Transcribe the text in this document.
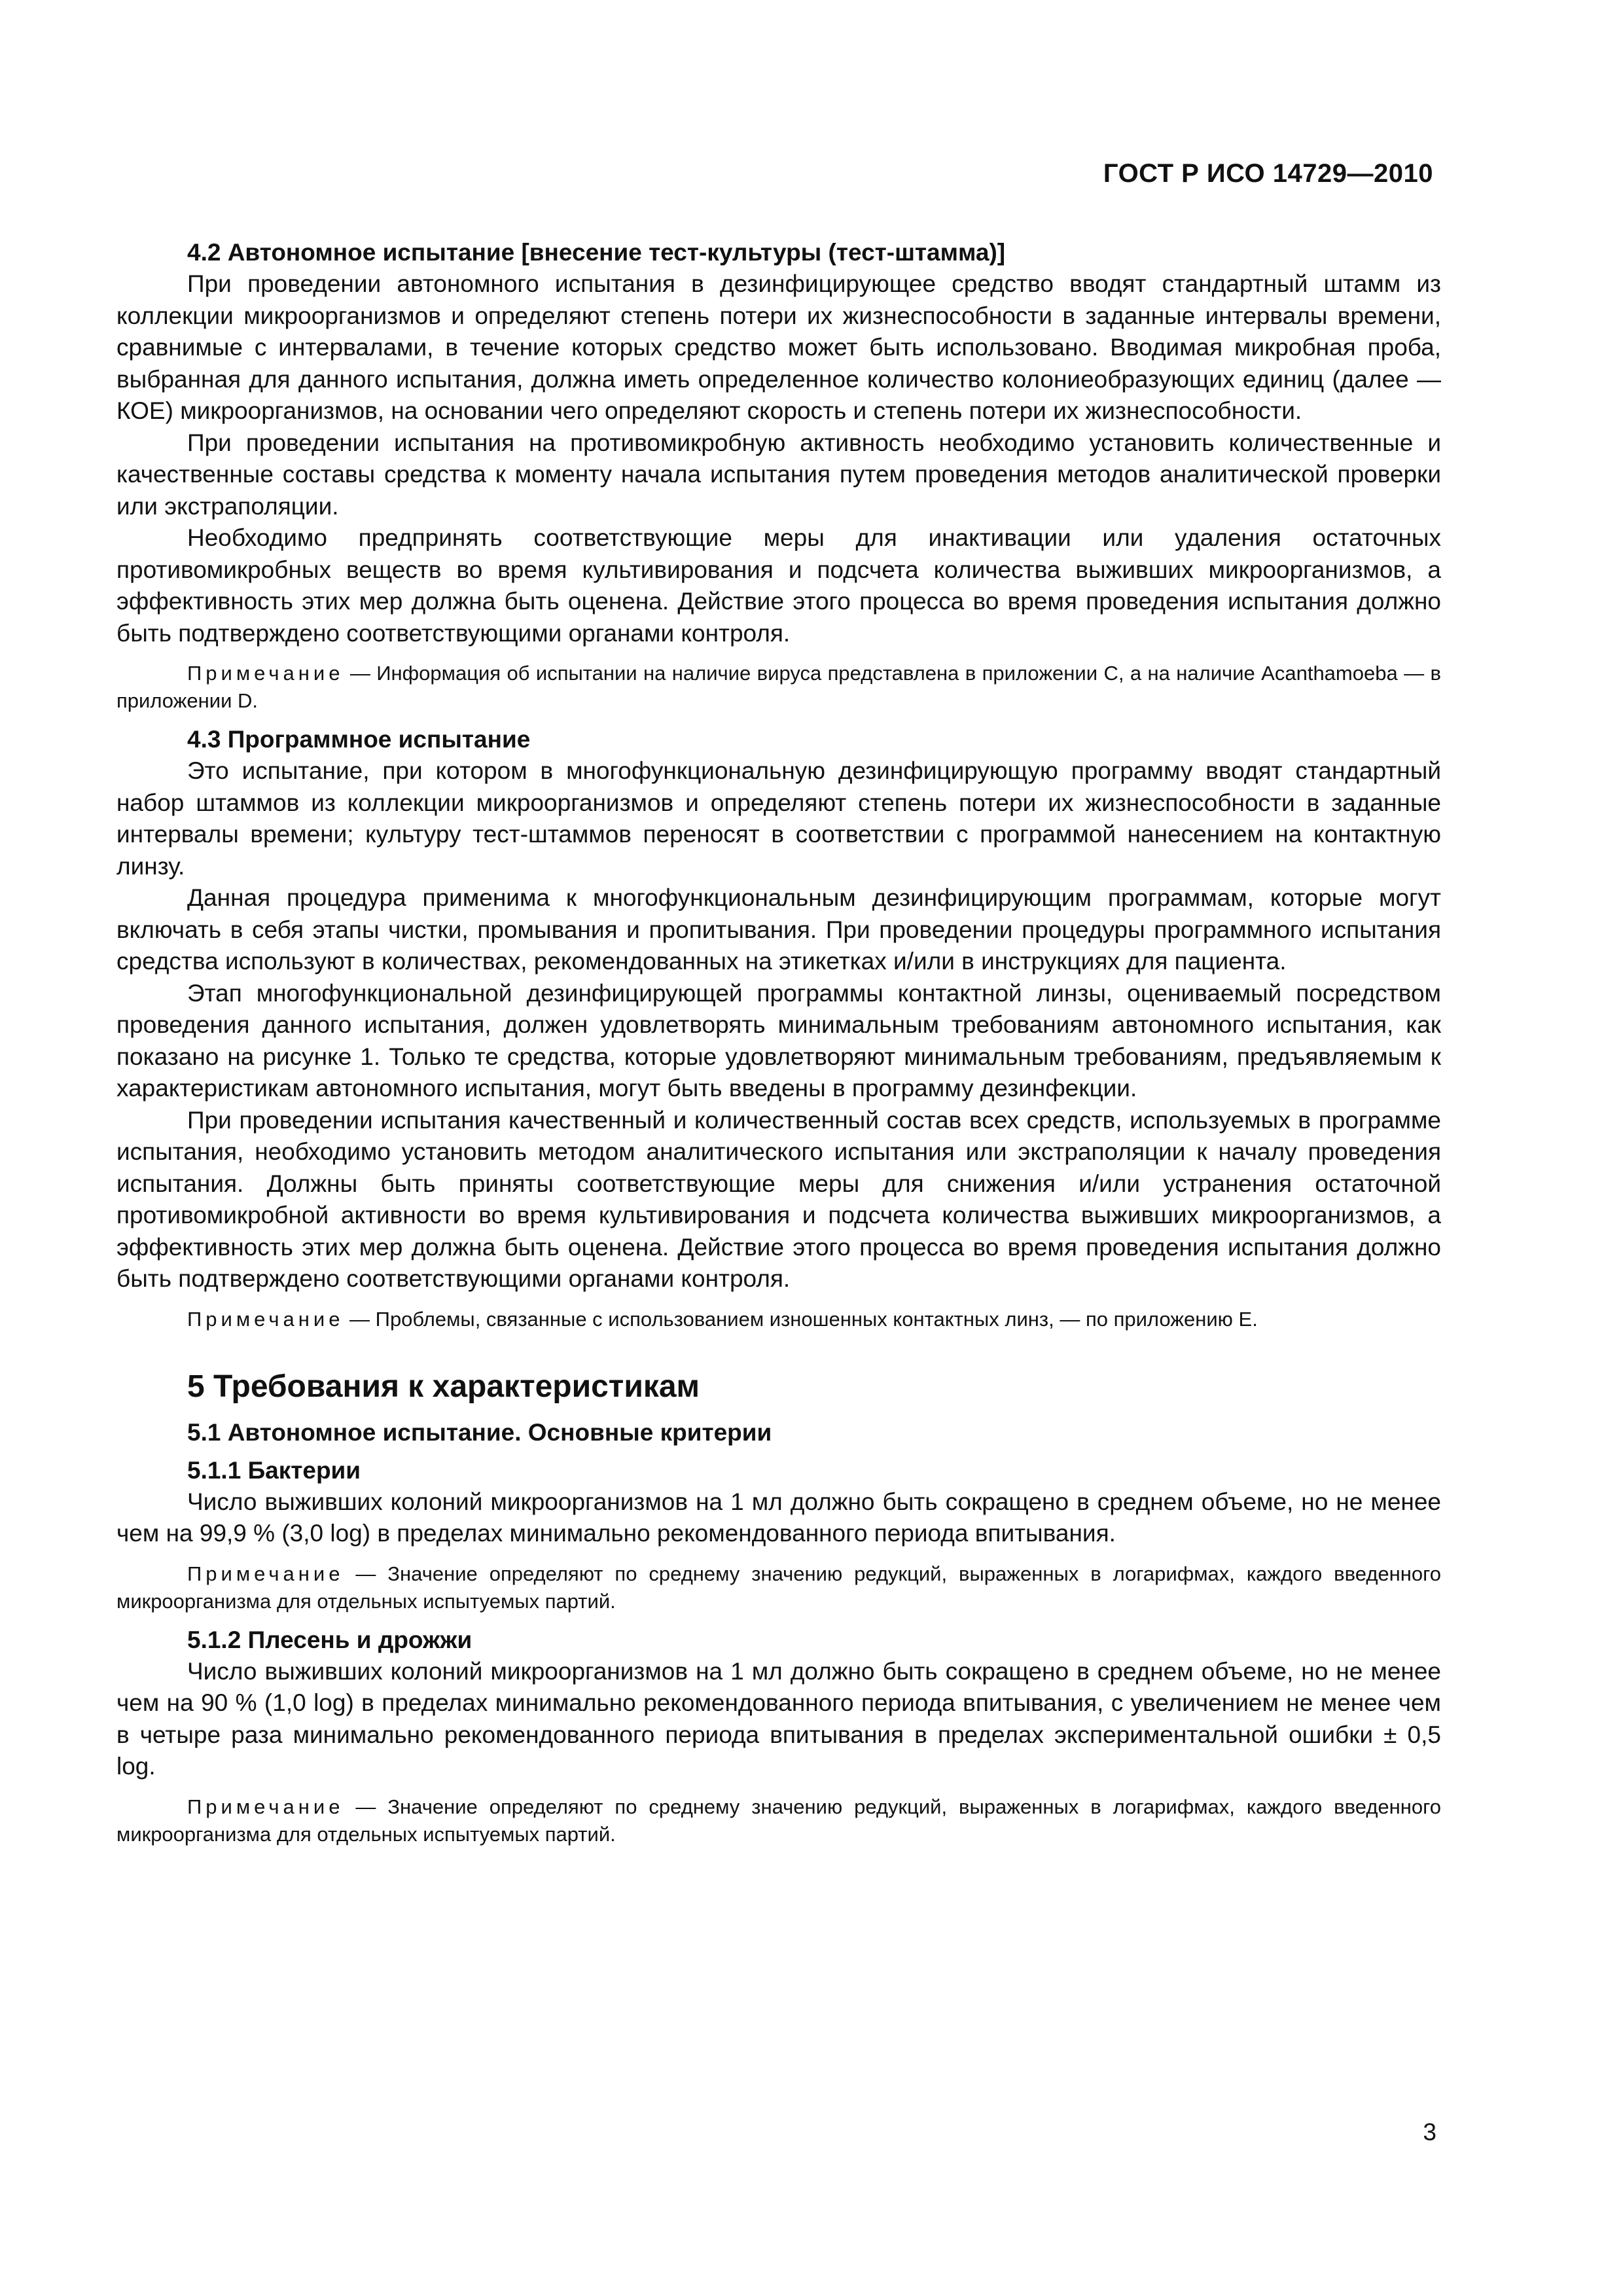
ГОСТ Р ИСО 14729—2010
4.2 Автономное испытание [внесение тест-культуры (тест-штамма)]

При проведении автономного испытания в дезинфицирующее средство вводят стандартный штамм из коллекции микроорганизмов и определяют степень потери их жизнеспособности в заданные интервалы времени, сравнимые с интервалами, в течение которых средство может быть использовано. Вводимая микробная проба, выбранная для данного испытания, должна иметь определенное количество колониеобразующих единиц (далее — КОЕ) микроорганизмов, на основании чего определяют скорость и степень потери их жизнеспособности.

При проведении испытания на противомикробную активность необходимо установить количественные и качественные составы средства к моменту начала испытания путем проведения методов аналитической проверки или экстраполяции.

Необходимо предпринять соответствующие меры для инактивации или удаления остаточных противомикробных веществ во время культивирования и подсчета количества выживших микроорганизмов, а эффективность этих мер должна быть оценена. Действие этого процесса во время проведения испытания должно быть подтверждено соответствующими органами контроля.

Примечание — Информация об испытании на наличие вируса представлена в приложении С, а на наличие Acanthamoeba — в приложении D.

4.3 Программное испытание

Это испытание, при котором в многофункциональную дезинфицирующую программу вводят стандартный набор штаммов из коллекции микроорганизмов и определяют степень потери их жизнеспособности в заданные интервалы времени; культуру тест-штаммов переносят в соответствии с программой нанесением на контактную линзу.

Данная процедура применима к многофункциональным дезинфицирующим программам, которые могут включать в себя этапы чистки, промывания и пропитывания. При проведении процедуры программного испытания средства используют в количествах, рекомендованных на этикетках и/или в инструкциях для пациента.

Этап многофункциональной дезинфицирующей программы контактной линзы, оцениваемый посредством проведения данного испытания, должен удовлетворять минимальным требованиям автономного испытания, как показано на рисунке 1. Только те средства, которые удовлетворяют минимальным требованиям, предъявляемым к характеристикам автономного испытания, могут быть введены в программу дезинфекции.

При проведении испытания качественный и количественный состав всех средств, используемых в программе испытания, необходимо установить методом аналитического испытания или экстраполяции к началу проведения испытания. Должны быть приняты соответствующие меры для снижения и/или устранения остаточной противомикробной активности во время культивирования и подсчета количества выживших микроорганизмов, а эффективность этих мер должна быть оценена. Действие этого процесса во время проведения испытания должно быть подтверждено соответствующими органами контроля.

Примечание — Проблемы, связанные с использованием изношенных контактных линз, — по приложению Е.

5 Требования к характеристикам
5.1 Автономное испытание. Основные критерии
5.1.1 Бактерии

Число выживших колоний микроорганизмов на 1 мл должно быть сокращено в среднем объеме, но не менее чем на 99,9 % (3,0 log) в пределах минимально рекомендованного периода впитывания.

Примечание — Значение определяют по среднему значению редукций, выраженных в логарифмах, каждого введенного микроорганизма для отдельных испытуемых партий.

5.1.2 Плесень и дрожжи

Число выживших колоний микроорганизмов на 1 мл должно быть сокращено в среднем объеме, но не менее чем на 90 % (1,0 log) в пределах минимально рекомендованного периода впитывания, с увеличением не менее чем в четыре раза минимально рекомендованного периода впитывания в пределах экспериментальной ошибки ± 0,5 log.

Примечание — Значение определяют по среднему значению редукций, выраженных в логарифмах, каждого введенного микроорганизма для отдельных испытуемых партий.

3
